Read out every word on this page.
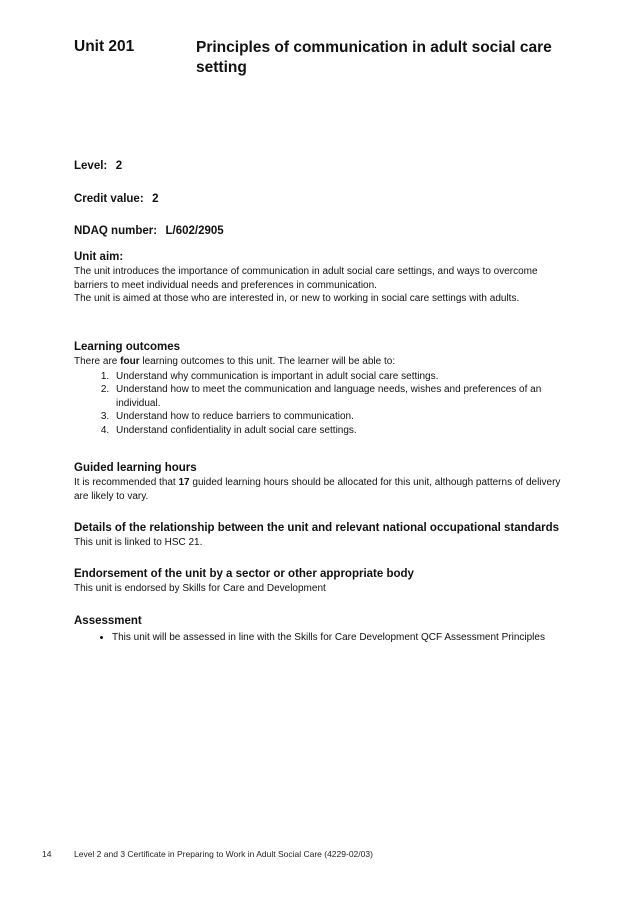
Unit 201	Principles of communication in adult social care setting
Level: 2
Credit value: 2
NDAQ number: L/602/2905
Unit aim:

The unit introduces the importance of communication in adult social care settings, and ways to overcome barriers to meet individual needs and preferences in communication.

The unit is aimed at those who are interested in, or new to working in social care settings with adults.

Learning outcomes

There are four learning outcomes to this unit. The learner will be able to:

1. Understand why communication is important in adult social care settings.
2. Understand how to meet the communication and language needs, wishes and preferences of an individual.
3. Understand how to reduce barriers to communication.
4. Understand confidentiality in adult social care settings.
Guided learning hours

It is recommended that 17 guided learning hours should be allocated for this unit, although patterns of delivery are likely to vary.

Details of the relationship between the unit and relevant national occupational standards

This unit is linked to HSC 21.

Endorsement of the unit by a sector or other appropriate body

This unit is endorsed by Skills for Care and Development

Assessment
• This unit will be assessed in line with the Skills for Care Development QCF Assessment Principles
14	Level 2 and 3 Certificate in Preparing to Work in Adult Social Care (4229-02/03)
